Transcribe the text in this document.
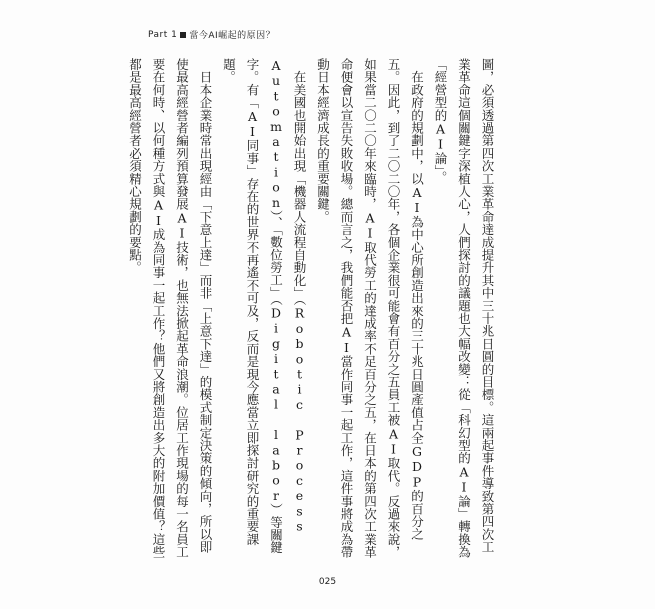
Part 1 當今AI崛起的原因？

圖，必須透過第四次工業革命達成提升其中三十兆日圓的目標。這兩起事件導致第四次工業革命這個關鍵字深植人心，人們探討的議題也大幅改變：從「科幻型的AI論」轉換為「經營型的AI論」。

　在政府的規劃中，以AI為中心所創造出來的三十兆日圓產值占全GDP的百分之五。因此，到了二〇二〇年，各個企業很可能會有百分之五員工被AI取代。反過來說，如果當二〇二〇年來臨時，AI取代勞工的達成率不足百分之五，在日本的第四次工業革命便會以宣告失敗收場。總而言之，我們能否把AI當作同事一起工作，這件事將成為帶動日本經濟成長的重要關鍵。

　在美國也開始出現「機器人流程自動化」（Robotic Process Automation）、「數位勞工」（Digital labor）等關鍵字。有「AI同事」存在的世界不再遙不可及，反而是現今應當立即探討研究的重要課題。

　日本企業時常出現經由「下意上達」而非「上意下達」的模式制定決策的傾向，所以即使最高經營者編列預算發展AI技術，也無法掀起革命浪潮。位居工作現場的每一名員工要在何時、以何種方式與AI成為同事一起工作？他們又將創造出多大的附加價值？這些都是最高經營者必須精心規劃的要點。

025
